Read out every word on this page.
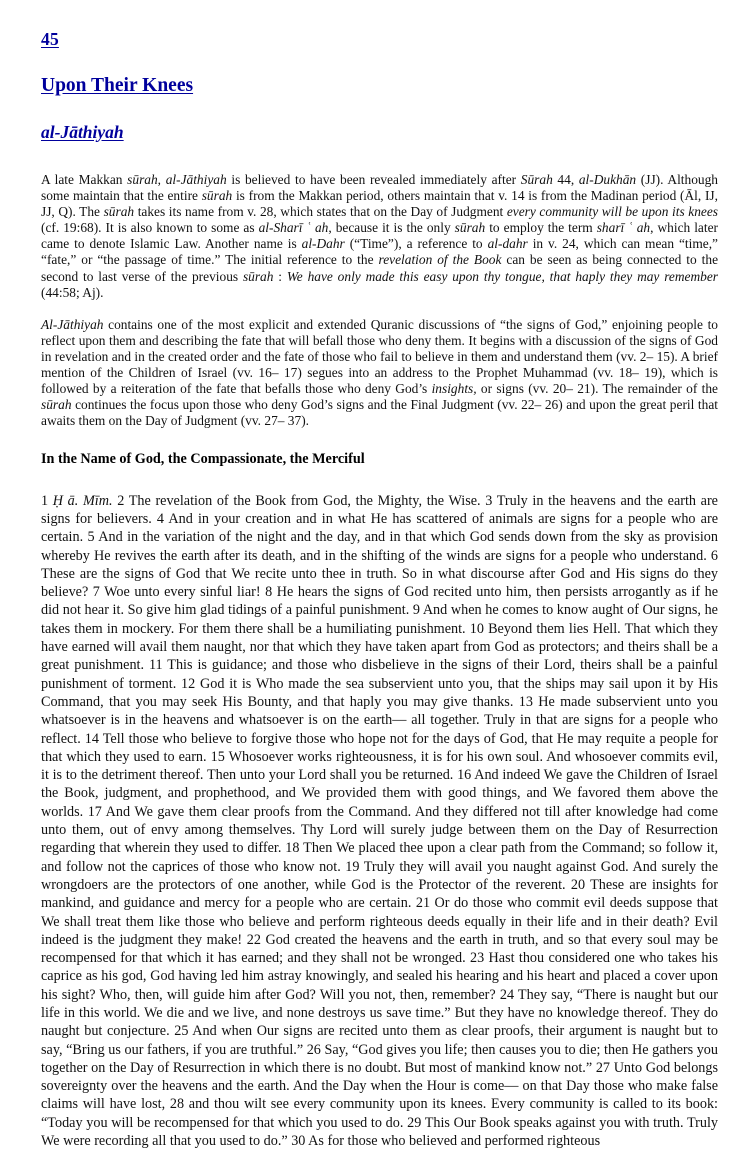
45
Upon Their Knees
al-Jāthiyah

A late Makkan sūrah, al-Jāthiyah is believed to have been revealed immediately after Sūrah 44, al-Dukhān (JJ). Although some maintain that the entire sūrah is from the Makkan period, others maintain that v. 14 is from the Madinan period (Āl, IJ, JJ, Q). The sūrah takes its name from v. 28, which states that on the Day of Judgment every community will be upon its knees (cf. 19:68). It is also known to some as al-Sharī ʿ ah, because it is the only sūrah to employ the term sharī ʿ ah, which later came to denote Islamic Law. Another name is al-Dahr (“Time”), a reference to al-dahr in v. 24, which can mean “time,” “fate,” or “the passage of time.” The initial reference to the revelation of the Book can be seen as being connected to the second to last verse of the previous sūrah : We have only made this easy upon thy tongue, that haply they may remember (44:58; Aj).

Al-Jāthiyah contains one of the most explicit and extended Quranic discussions of “the signs of God,” enjoining people to reflect upon them and describing the fate that will befall those who deny them. It begins with a discussion of the signs of God in revelation and in the created order and the fate of those who fail to believe in them and understand them (vv. 2– 15). A brief mention of the Children of Israel (vv. 16– 17) segues into an address to the Prophet Muhammad (vv. 18– 19), which is followed by a reiteration of the fate that befalls those who deny God’s insights, or signs (vv. 20– 21). The remainder of the sūrah continues the focus upon those who deny God’s signs and the Final Judgment (vv. 22– 26) and upon the great peril that awaits them on the Day of Judgment (vv. 27– 37).

In the Name of God, the Compassionate, the Merciful

1 Ḥ ā. Mīm. 2 The revelation of the Book from God, the Mighty, the Wise. 3 Truly in the heavens and the earth are signs for believers. 4 And in your creation and in what He has scattered of animals are signs for a people who are certain. 5 And in the variation of the night and the day, and in that which God sends down from the sky as provision whereby He revives the earth after its death, and in the shifting of the winds are signs for a people who understand. 6 These are the signs of God that We recite unto thee in truth. So in what discourse after God and His signs do they believe? 7 Woe unto every sinful liar! 8 He hears the signs of God recited unto him, then persists arrogantly as if he did not hear it. So give him glad tidings of a painful punishment. 9 And when he comes to know aught of Our signs, he takes them in mockery. For them there shall be a humiliating punishment. 10 Beyond them lies Hell. That which they have earned will avail them naught, nor that which they have taken apart from God as protectors; and theirs shall be a great punishment. 11 This is guidance; and those who disbelieve in the signs of their Lord, theirs shall be a painful punishment of torment. 12 God it is Who made the sea subservient unto you, that the ships may sail upon it by His Command, that you may seek His Bounty, and that haply you may give thanks. 13 He made subservient unto you whatsoever is in the heavens and whatsoever is on the earth— all together. Truly in that are signs for a people who reflect. 14 Tell those who believe to forgive those who hope not for the days of God, that He may requite a people for that which they used to earn. 15 Whosoever works righteousness, it is for his own soul. And whosoever commits evil, it is to the detriment thereof. Then unto your Lord shall you be returned. 16 And indeed We gave the Children of Israel the Book, judgment, and prophethood, and We provided them with good things, and We favored them above the worlds. 17 And We gave them clear proofs from the Command. And they differed not till after knowledge had come unto them, out of envy among themselves. Thy Lord will surely judge between them on the Day of Resurrection regarding that wherein they used to differ. 18 Then We placed thee upon a clear path from the Command; so follow it, and follow not the caprices of those who know not. 19 Truly they will avail you naught against God. And surely the wrongdoers are the protectors of one another, while God is the Protector of the reverent. 20 These are insights for mankind, and guidance and mercy for a people who are certain. 21 Or do those who commit evil deeds suppose that We shall treat them like those who believe and perform righteous deeds equally in their life and in their death? Evil indeed is the judgment they make! 22 God created the heavens and the earth in truth, and so that every soul may be recompensed for that which it has earned; and they shall not be wronged. 23 Hast thou considered one who takes his caprice as his god, God having led him astray knowingly, and sealed his hearing and his heart and placed a cover upon his sight? Who, then, will guide him after God? Will you not, then, remember? 24 They say, “There is naught but our life in this world. We die and we live, and none destroys us save time.” But they have no knowledge thereof. They do naught but conjecture. 25 And when Our signs are recited unto them as clear proofs, their argument is naught but to say, “Bring us our fathers, if you are truthful.” 26 Say, “God gives you life; then causes you to die; then He gathers you together on the Day of Resurrection in which there is no doubt. But most of mankind know not.” 27 Unto God belongs sovereignty over the heavens and the earth. And the Day when the Hour is come— on that Day those who make false claims will have lost, 28 and thou wilt see every community upon its knees. Every community is called to its book: “Today you will be recompensed for that which you used to do. 29 This Our Book speaks against you with truth. Truly We were recording all that you used to do.” 30 As for those who believed and performed righteous
